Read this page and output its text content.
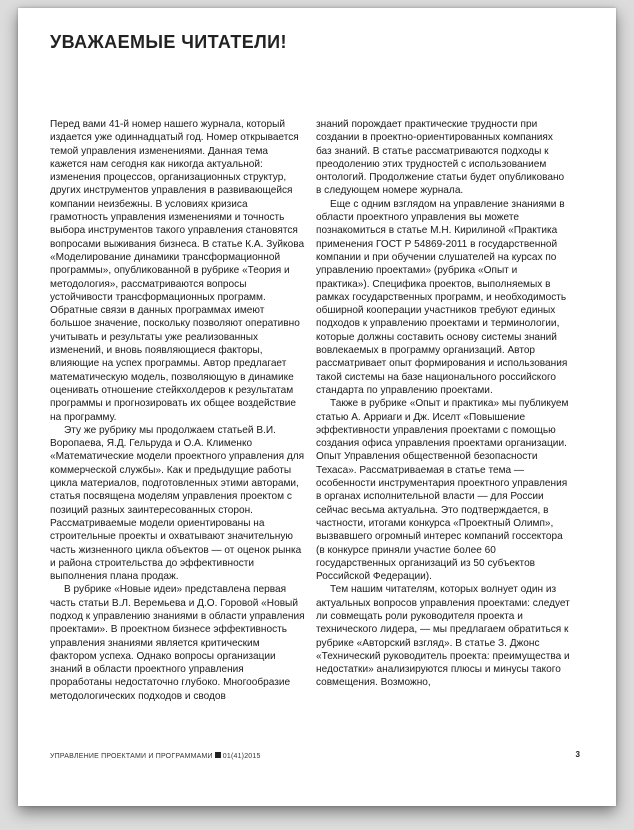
УВАЖАЕМЫЕ ЧИТАТЕЛИ!

Перед вами 41-й номер нашего журнала, который издается уже одиннадцатый год. Номер открывается темой управления изменениями. Данная тема кажется нам сегодня как никогда актуальной: изменения процессов, организационных структур, других инструментов управления в развивающейся компании неизбежны. В условиях кризиса грамотность управления изменениями и точность выбора инструментов такого управления становятся вопросами выживания бизнеса. В статье К.А. Зуйкова «Моделирование динамики трансформационной программы», опубликованной в рубрике «Теория и методология», рассматриваются вопросы устойчивости трансформационных программ. Обратные связи в данных программах имеют большое значение, поскольку позволяют оперативно учитывать и результаты уже реализованных изменений, и вновь появляющиеся факторы, влияющие на успех программы. Автор предлагает математическую модель, позволяющую в динамике оценивать отношение стейкхолдеров к результатам программы и прогнозировать их общее воздействие на программу.

Эту же рубрику мы продолжаем статьей В.И. Воропаева, Я.Д. Гельруда и О.А. Клименко «Математические модели проектного управления для коммерческой службы». Как и предыдущие работы цикла материалов, подготовленных этими авторами, статья посвящена моделям управления проектом с позиций разных заинтересованных сторон. Рассматриваемые модели ориентированы на строительные проекты и охватывают значительную часть жизненного цикла объектов — от оценок рынка и района строительства до эффективности выполнения плана продаж.

В рубрике «Новые идеи» представлена первая часть статьи В.Л. Веремьева и Д.О. Горовой «Новый подход к управлению знаниями в области управления проектами». В проектном бизнесе эффективность управления знаниями является критическим фактором успеха. Однако вопросы организации знаний в области проектного управления проработаны недостаточно глубоко. Многообразие методологических подходов и сводов

знаний порождает практические трудности при создании в проектно-ориентированных компаниях баз знаний. В статье рассматриваются подходы к преодолению этих трудностей с использованием онтологий. Продолжение статьи будет опубликовано в следующем номере журнала.

Еще с одним взглядом на управление знаниями в области проектного управления вы можете познакомиться в статье М.Н. Кирилиной «Практика применения ГОСТ Р 54869-2011 в государственной компании и при обучении слушателей на курсах по управлению проектами» (рубрика «Опыт и практика»). Специфика проектов, выполняемых в рамках государственных программ, и необходимость обширной кооперации участников требуют единых подходов к управлению проектами и терминологии, которые должны составить основу системы знаний вовлекаемых в программу организаций. Автор рассматривает опыт формирования и использования такой системы на базе национального российского стандарта по управлению проектами.

Также в рубрике «Опыт и практика» мы публикуем статью А. Арриаги и Дж. Иселт «Повышение эффективности управления проектами с помощью создания офиса управления проектами организации. Опыт Управления общественной безопасности Техаса». Рассматриваемая в статье тема — особенности инструментария проектного управления в органах исполнительной власти — для России сейчас весьма актуальна. Это подтверждается, в частности, итогами конкурса «Проектный Олимп», вызвавшего огромный интерес компаний госсектора (в конкурсе приняли участие более 60 государственных организаций из 50 субъектов Российской Федерации).

Тем нашим читателям, которых волнует один из актуальных вопросов управления проектами: следует ли совмещать роли руководителя проекта и технического лидера, — мы предлагаем обратиться к рубрике «Авторский взгляд». В статье З. Джонс «Технический руководитель проекта: преимущества и недостатки» анализируются плюсы и минусы такого совмещения. Возможно,

УПРАВЛЕНИЕ ПРОЕКТАМИ И ПРОГРАММАМИ 01(41)2015	3
